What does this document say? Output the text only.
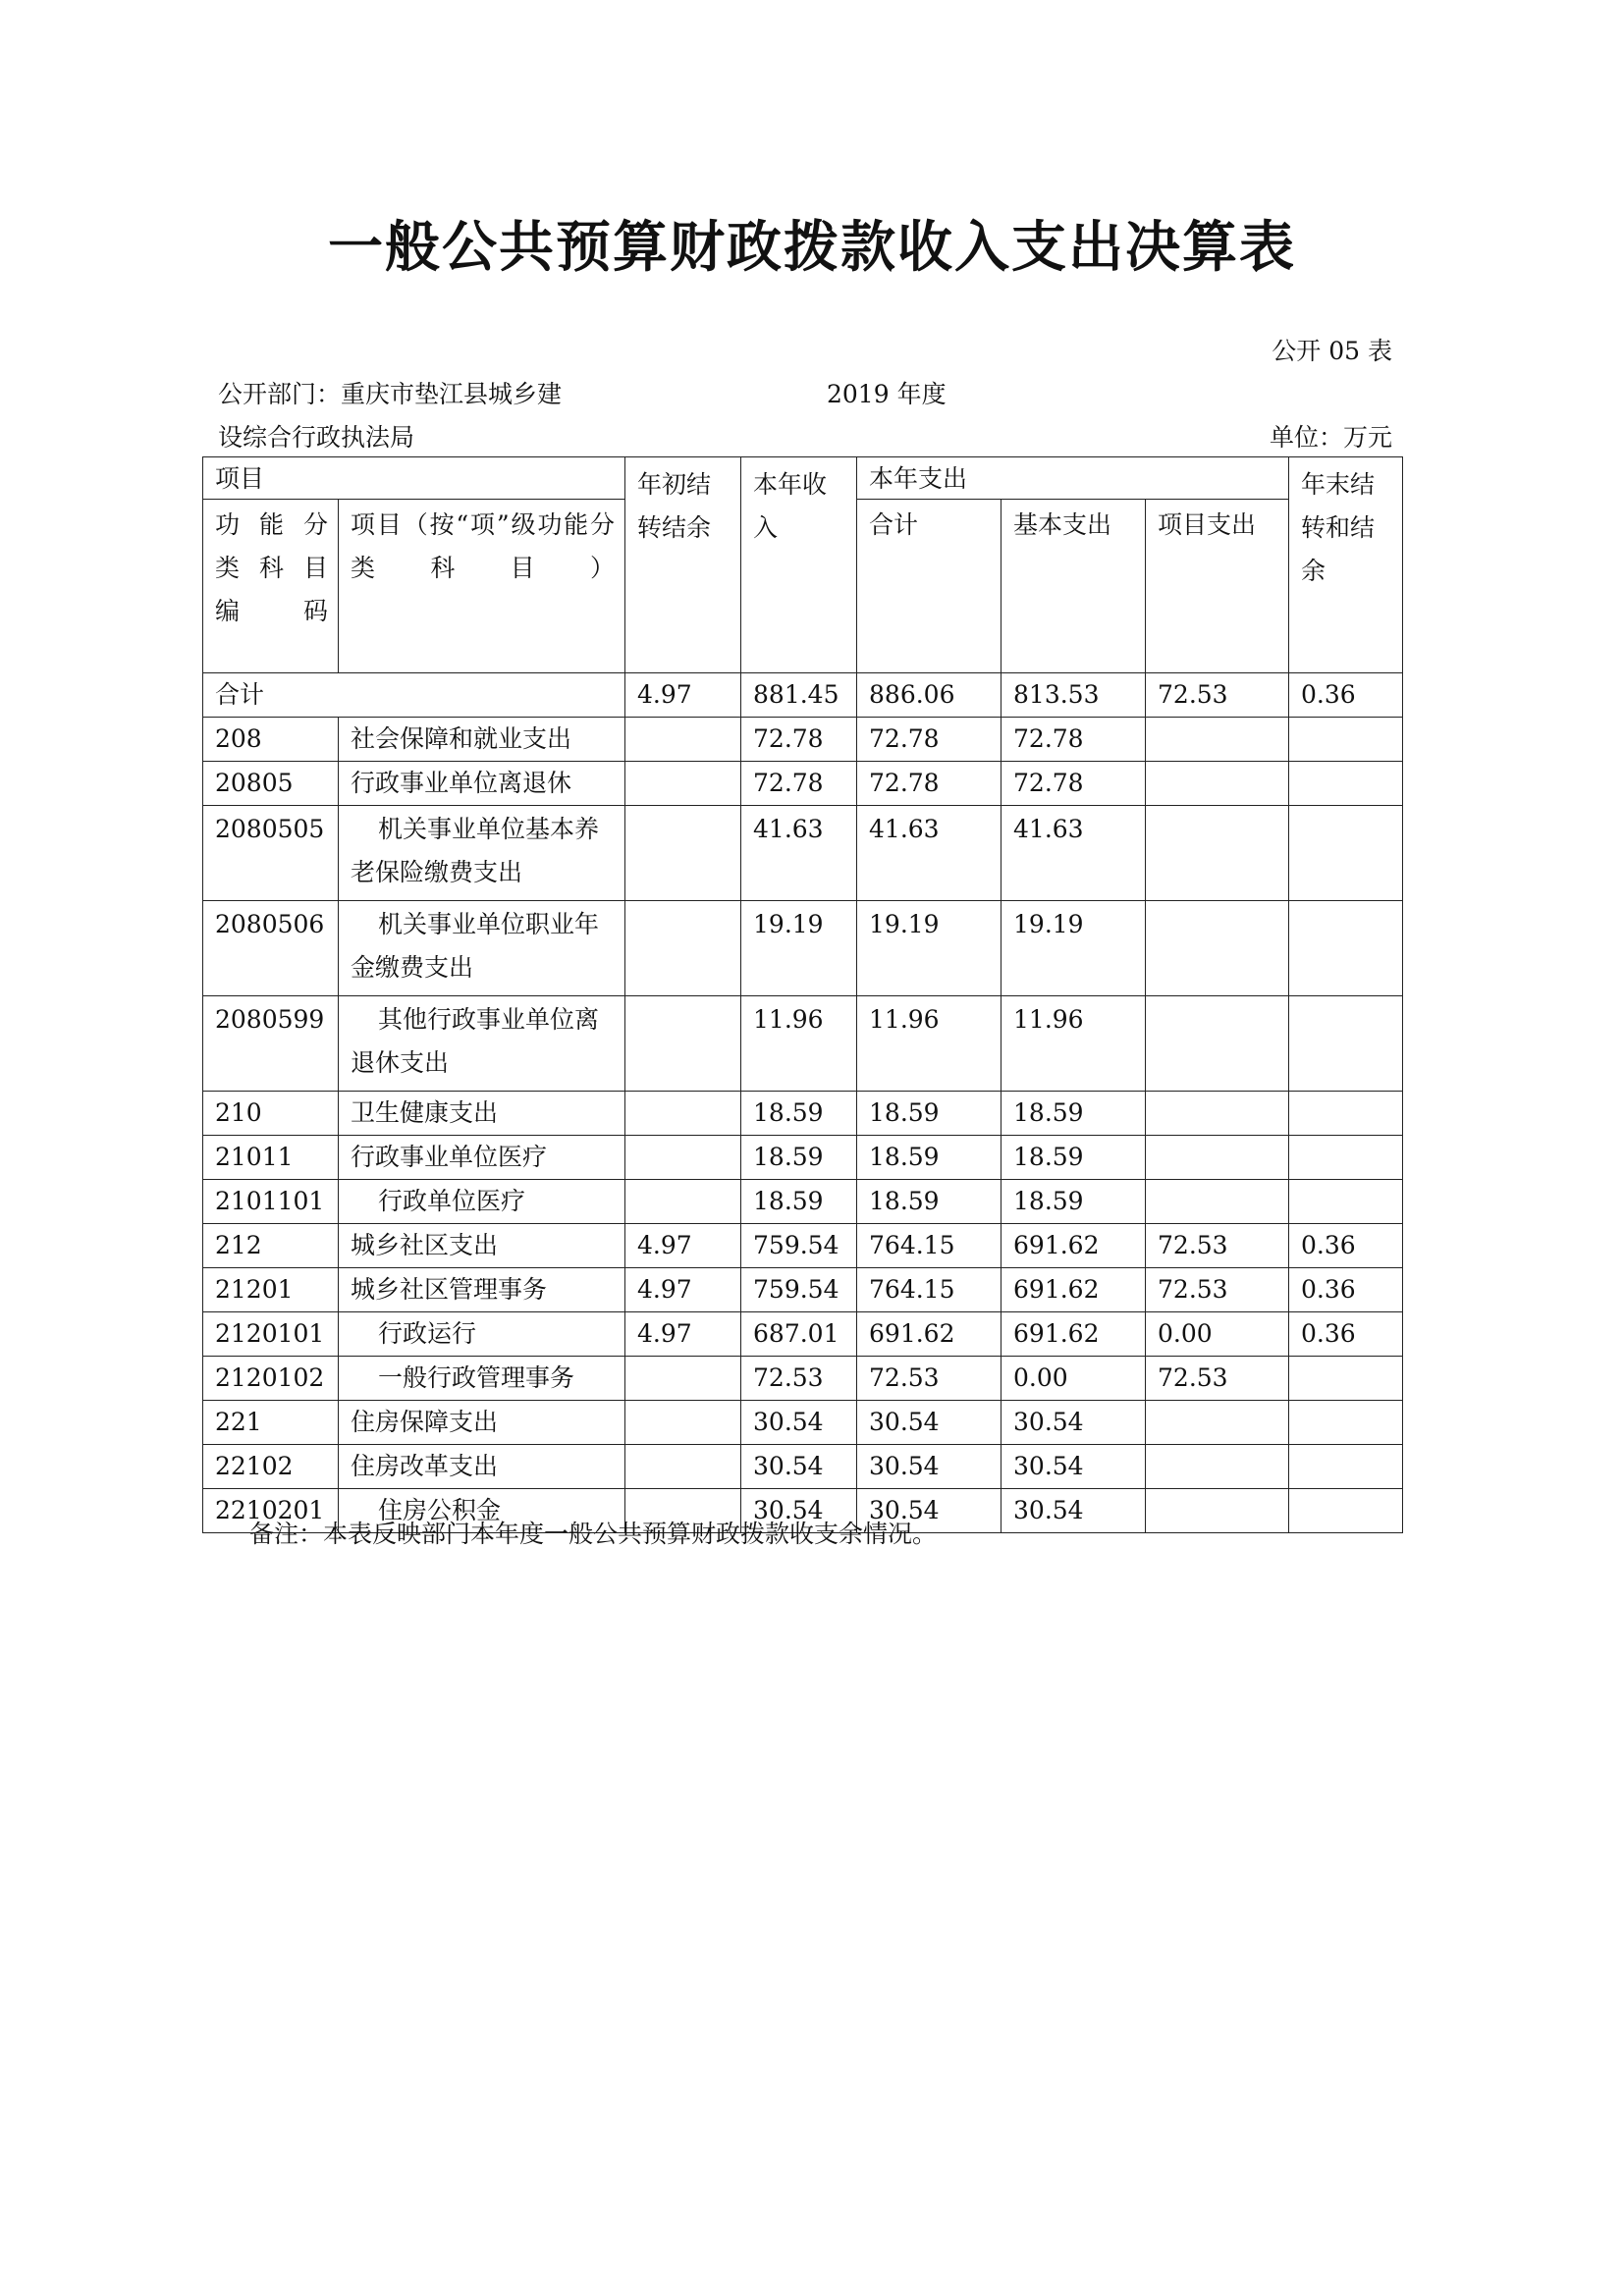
一般公共预算财政拨款收入支出决算表
公开 05 表
公开部门：重庆市垫江县城乡建
设综合行政执法局
2019 年度
单位：万元
项目		年初结转结余	本年收入	本年支出			年末结转和结余

功 能 分 类 科 目 编码	项目（按“项”级功能分类科目）			合计	基本支出	项目支出	
合计		4.97	881.45	886.06	813.53	72.53	0.36
208	社会保障和就业支出		72.78	72.78	72.78		
20805	行政事业单位离退休		72.78	72.78	72.78		
2080505	机关事业单位基本养老保险缴费支出		41.63	41.63	41.63		
2080506	机关事业单位职业年金缴费支出		19.19	19.19	19.19		
2080599	其他行政事业单位离退休支出		11.96	11.96	11.96		
210	卫生健康支出		18.59	18.59	18.59		
21011	行政事业单位医疗		18.59	18.59	18.59		
2101101	行政单位医疗		18.59	18.59	18.59		
212	城乡社区支出	4.97	759.54	764.15	691.62	72.53	0.36
21201	城乡社区管理事务	4.97	759.54	764.15	691.62	72.53	0.36
2120101	行政运行	4.97	687.01	691.62	691.62	0.00	0.36
2120102	一般行政管理事务		72.53	72.53	0.00	72.53	
221	住房保障支出		30.54	30.54	30.54		
22102	住房改革支出		30.54	30.54	30.54		
2210201	住房公积金		30.54	30.54	30.54		
备注：本表反映部门本年度一般公共预算财政拨款收支余情况。
